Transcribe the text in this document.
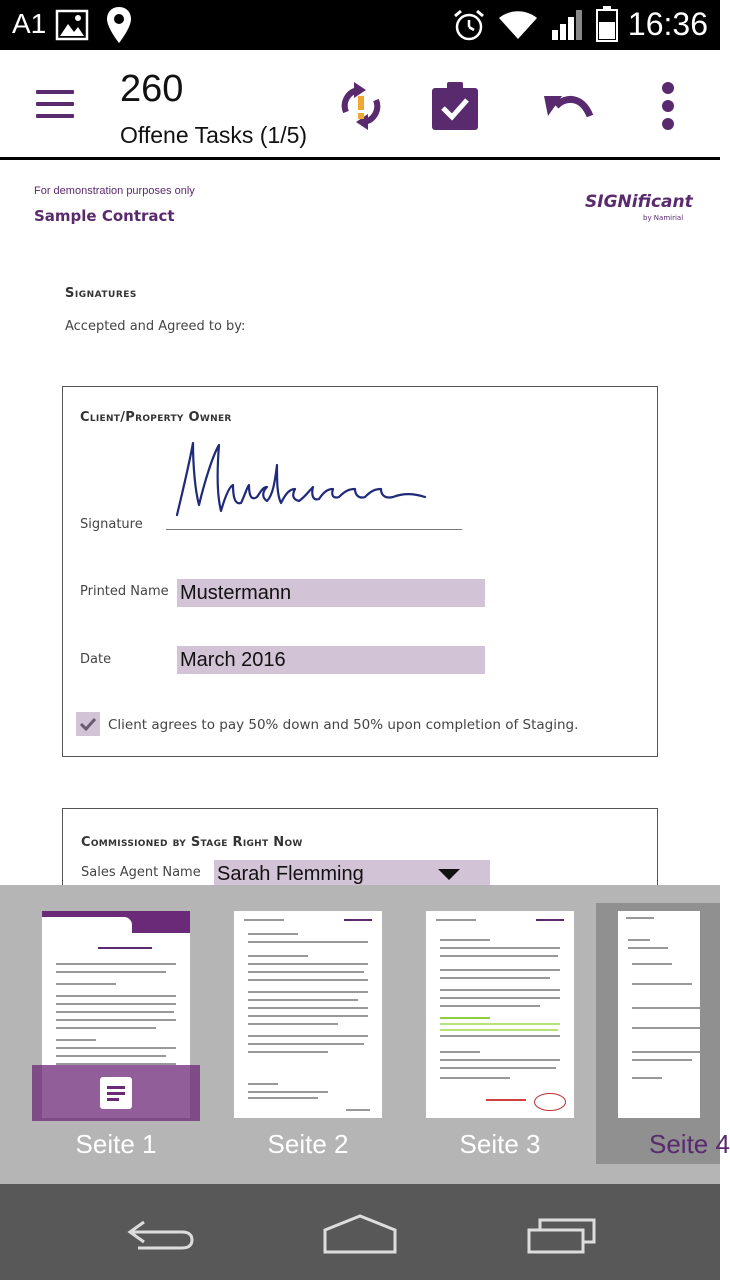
A1	16:36
260
Offene Tasks (1/5)
For demonstration purposes only
Sample Contract
SIGNificant
by Namirial
Signatures
Accepted and Agreed to by:
Client/Property Owner
Signature
Printed Name Mustermann
Date	March 2016
Client agrees to pay 50% down and 50% upon completion of Staging.
Commissioned by Stage Right Now
Sales Agent Name Sarah Flemming
Seite 1	Seite 2	Seite 3	Seite 4
